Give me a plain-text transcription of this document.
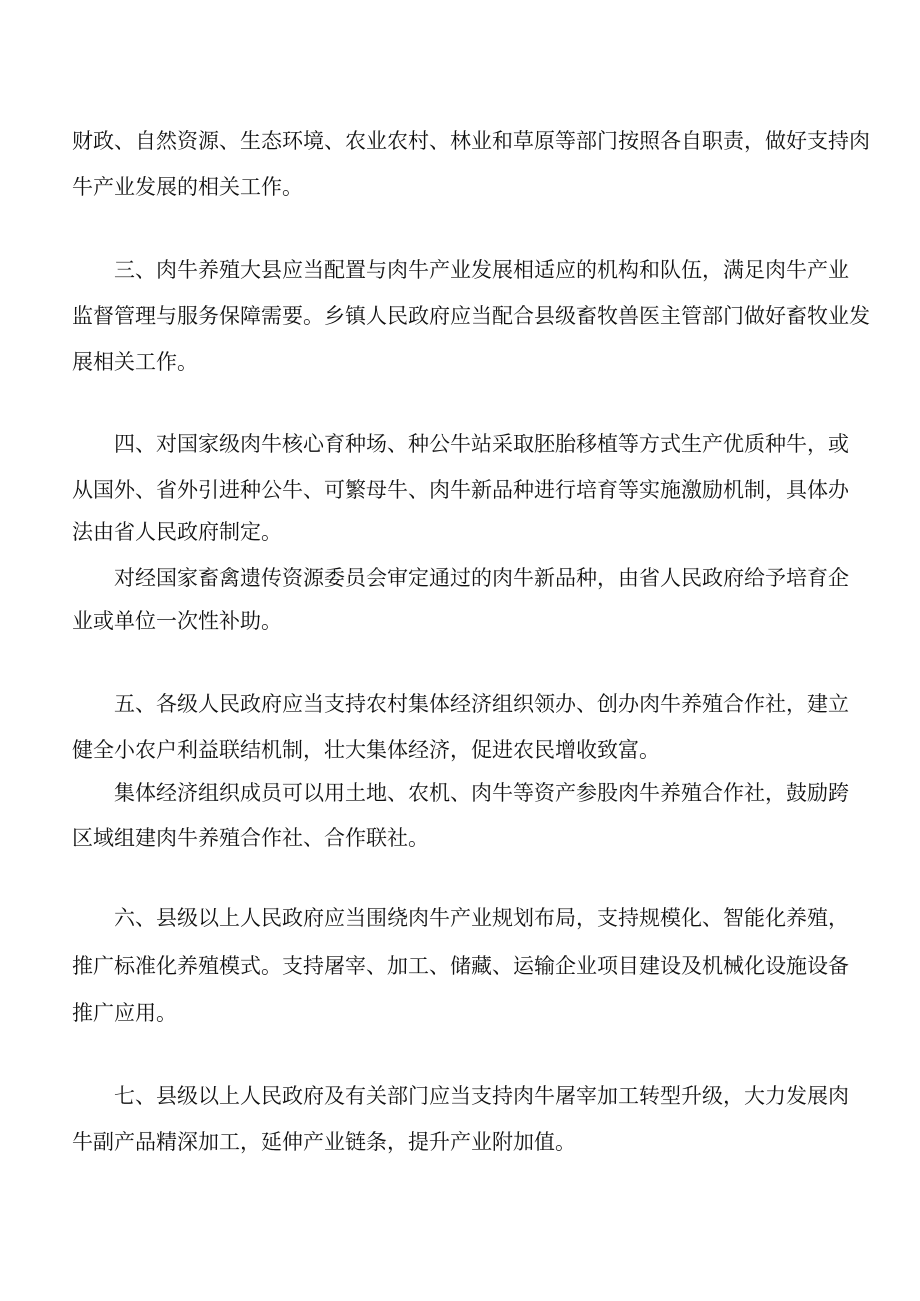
财政、自然资源、生态环境、农业农村、林业和草原等部门按照各自职责，做好支持肉
牛产业发展的相关工作。
三、肉牛养殖大县应当配置与肉牛产业发展相适应的机构和队伍，满足肉牛产业
监督管理与服务保障需要。乡镇人民政府应当配合县级畜牧兽医主管部门做好畜牧业发
展相关工作。
四、对国家级肉牛核心育种场、种公牛站采取胚胎移植等方式生产优质种牛，或
从国外、省外引进种公牛、可繁母牛、肉牛新品种进行培育等实施激励机制，具体办
法由省人民政府制定。
对经国家畜禽遗传资源委员会审定通过的肉牛新品种，由省人民政府给予培育企
业或单位一次性补助。
五、各级人民政府应当支持农村集体经济组织领办、创办肉牛养殖合作社，建立
健全小农户利益联结机制，壮大集体经济，促进农民增收致富。
集体经济组织成员可以用土地、农机、肉牛等资产参股肉牛养殖合作社，鼓励跨
区域组建肉牛养殖合作社、合作联社。
六、县级以上人民政府应当围绕肉牛产业规划布局，支持规模化、智能化养殖，
推广标准化养殖模式。支持屠宰、加工、储藏、运输企业项目建设及机械化设施设备
推广应用。
七、县级以上人民政府及有关部门应当支持肉牛屠宰加工转型升级，大力发展肉
牛副产品精深加工，延伸产业链条，提升产业附加值。
